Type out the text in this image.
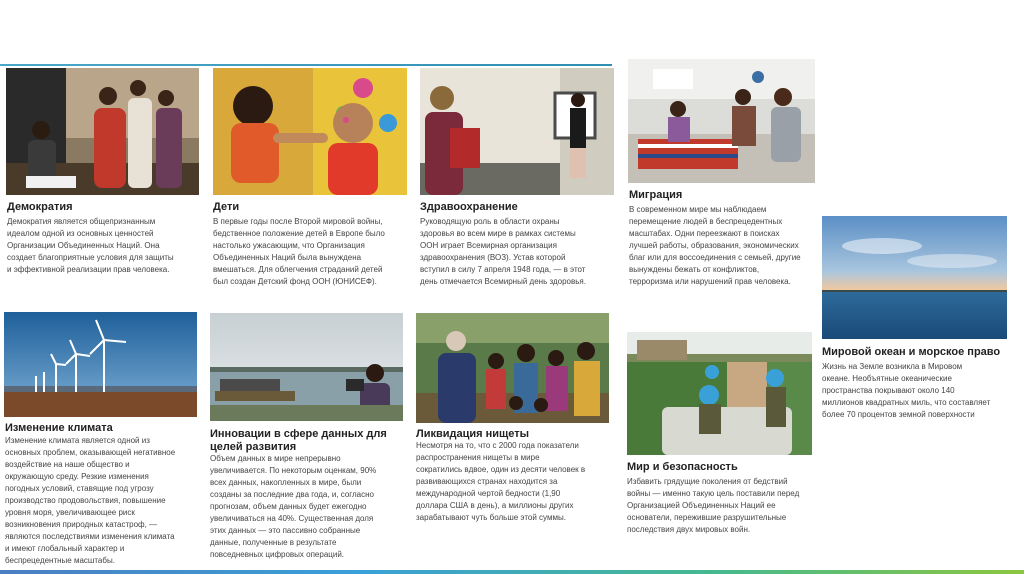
Демократия
Демократия является общепризнанным
идеалом одной из основных ценностей
Организации Объединенных Наций. Она
создает благоприятные условия для защиты
и эффективной реализации прав человека.
Дети
В первые годы после Второй мировой войны,
бедственное положение детей в Европе было
настолько ужасающим, что Организация
Объединенных Наций была вынуждена
вмешаться. Для облегчения страданий детей
был создан Детский фонд ООН (ЮНИСЕФ).
Здравоохранение
Руководящую роль в области охраны
здоровья во всем мире в рамках системы
ООН играет Всемирная организация
здравоохранения (ВОЗ). Устав которой
вступил в силу 7 апреля 1948 года, — в этот
день отмечается Всемирный день здоровья.
Миграция
В современном мире мы наблюдаем
перемещение людей в беспрецедентных
масштабах. Одни переезжают в поисках
лучшей работы, образования, экономических
благ или для воссоединения с семьей, другие
вынуждены бежать от конфликтов,
терроризма или нарушений прав человека.
Мировой океан и морское право
Жизнь на Земле возникла в Мировом
океане. Необъятные океанические
пространства покрывают около 140
миллионов квадратных миль, что составляет
более 70 процентов земной поверхности
Изменение климата
Изменение климата является одной из
основных проблем, оказывающей негативное
воздействие на наше общество и
окружающую среду. Резкие изменения
погодных условий, ставящие под угрозу
производство продовольствия, повышение
уровня моря, увеличивающее риск
возникновения природных катастроф, —
являются последствиями изменения климата
и имеют глобальный характер и
беспрецедентные масштабы.
Инновации в сфере данных для
целей развития
Объем данных в мире непрерывно
увеличивается. По некоторым оценкам, 90%
всех данных, накопленных в мире, были
созданы за последние два года, и, согласно
прогнозам, объем данных будет ежегодно
увеличиваться на 40%. Существенная доля
этих данных — это пассивно собранные
данные, полученные в результате
повседневных цифровых операций.
Ликвидация нищеты
Несмотря на то, что с 2000 года показатели
распространения нищеты в мире
сократились вдвое, один из десяти человек в
развивающихся странах находится за
международной чертой бедности (1,90
доллара США в день), а миллионы других
зарабатывают чуть больше этой суммы.
Мир и безопасность
Избавить грядущие поколения от бедствий
войны — именно такую цель поставили перед
Организацией Объединенных Наций ее
основатели, пережившие разрушительные
последствия двух мировых войн.
